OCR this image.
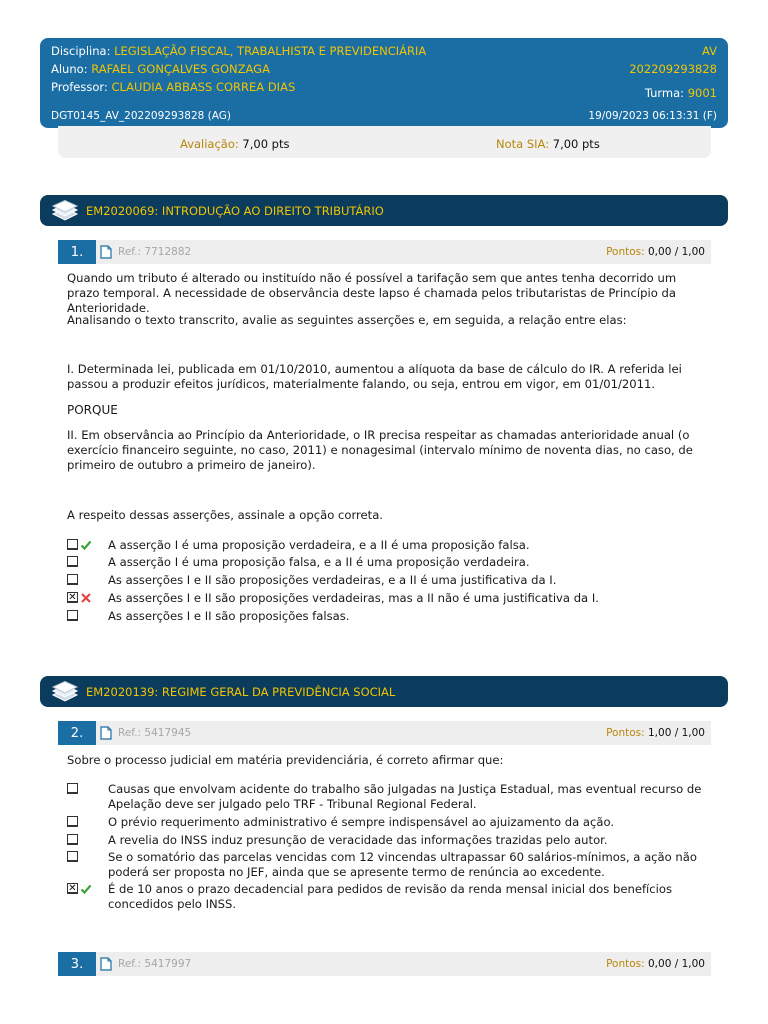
Disciplina: LEGISLAÇÃO FISCAL, TRABALHISTA E PREVIDENCIÁRIA
Aluno: RAFAEL GONÇALVES GONZAGA
Professor: CLAUDIA ABBASS CORREA DIAS
AV
202209293828
Turma: 9001
DGT0145_AV_202209293828 (AG)	19/09/2023 06:13:31 (F)
Avaliação: 7,00 pts	Nota SIA: 7,00 pts
EM2020069: INTRODUÇÃO AO DIREITO TRIBUTÁRIO
1.	Ref.: 7712882	Pontos: 0,00 / 1,00
Quando um tributo é alterado ou instituído não é possível a tarifação sem que antes tenha decorrido um prazo temporal. A necessidade de observância deste lapso é chamada pelos tributaristas de Princípio da Anterioridade.
Analisando o texto transcrito, avalie as seguintes asserções e, em seguida, a relação entre elas:
I. Determinada lei, publicada em 01/10/2010, aumentou a alíquota da base de cálculo do IR. A referida lei passou a produzir efeitos jurídicos, materialmente falando, ou seja, entrou em vigor, em 01/01/2011.
PORQUE
II. Em observância ao Princípio da Anterioridade, o IR precisa respeitar as chamadas anterioridade anual (o exercício financeiro seguinte, no caso, 2011) e nonagesimal (intervalo mínimo de noventa dias, no caso, de primeiro de outubro a primeiro de janeiro).
A respeito dessas asserções, assinale a opção correta.
A asserção I é uma proposição verdadeira, e a II é uma proposição falsa.
A asserção I é uma proposição falsa, e a II é uma proposição verdadeira.
As asserções I e II são proposições verdadeiras, e a II é uma justificativa da I.
✕	As asserções I e II são proposições verdadeiras, mas a II não é uma justificativa da I.
As asserções I e II são proposições falsas.
EM2020139: REGIME GERAL DA PREVIDÊNCIA SOCIAL
2.	Ref.: 5417945	Pontos: 1,00 / 1,00
Sobre o processo judicial em matéria previdenciária, é correto afirmar que:
Causas que envolvam acidente do trabalho são julgadas na Justiça Estadual, mas eventual recurso de Apelação deve ser julgado pelo TRF - Tribunal Regional Federal.
O prévio requerimento administrativo é sempre indispensável ao ajuizamento da ação.
A revelia do INSS induz presunção de veracidade das informações trazidas pelo autor.
Se o somatório das parcelas vencidas com 12 vincendas ultrapassar 60 salários-mínimos, a ação não poderá ser proposta no JEF, ainda que se apresente termo de renúncia ao excedente.
✕	É de 10 anos o prazo decadencial para pedidos de revisão da renda mensal inicial dos benefícios concedidos pelo INSS.
3.	Ref.: 5417997	Pontos: 0,00 / 1,00
